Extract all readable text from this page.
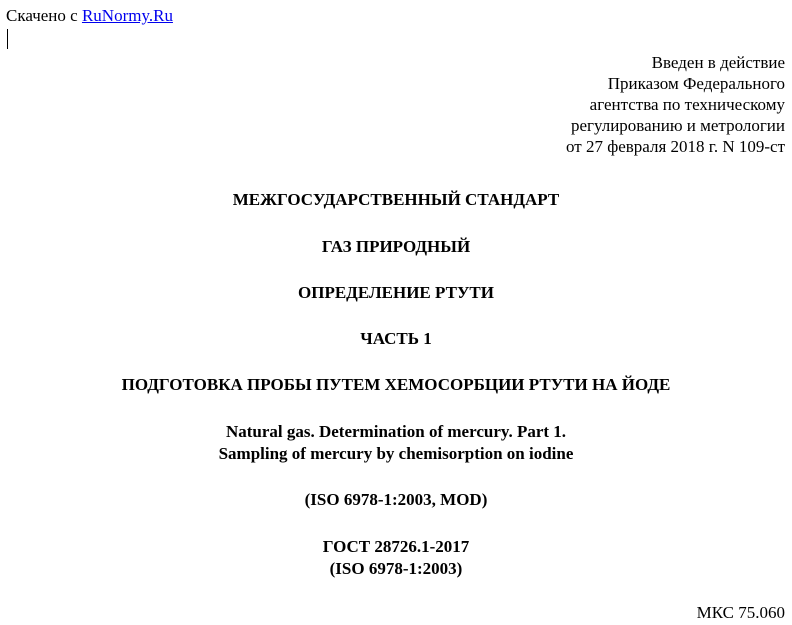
Скачено с RuNormy.Ru
Введен в действие
Приказом Федерального
агентства по техническому
регулированию и метрологии
от 27 февраля 2018 г. N 109-ст
МЕЖГОСУДАРСТВЕННЫЙ СТАНДАРТ
ГАЗ ПРИРОДНЫЙ
ОПРЕДЕЛЕНИЕ РТУТИ
ЧАСТЬ 1
ПОДГОТОВКА ПРОБЫ ПУТЕМ ХЕМОСОРБЦИИ РТУТИ НА ЙОДЕ
Natural gas. Determination of mercury. Part 1.
Sampling of mercury by chemisorption on iodine
(ISO 6978-1:2003, MOD)
ГОСТ 28726.1-2017
(ISO 6978-1:2003)
МКС 75.060
